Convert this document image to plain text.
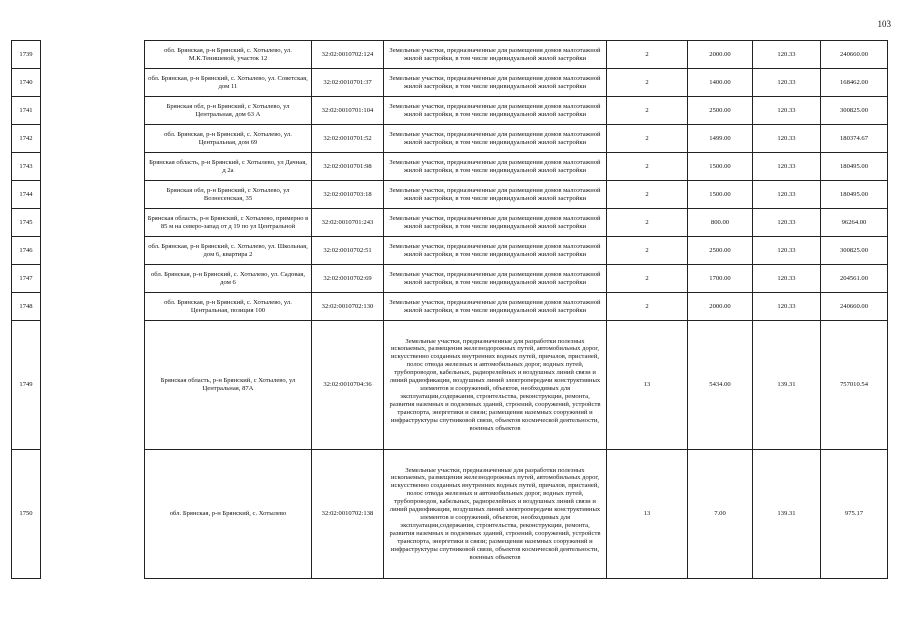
103
1739		обл. Брянская, р-н Брянский, с. Хотылево, ул. М.К.Тенишевой, участок 12	32:02:0010702:124	Земельные участки, предназначенные для размещения домов малоэтажной жилой застройки, в том числе индивидуальной жилой застройки	2	2000.00	120.33	240660.00
1740		обл. Брянская, р-н Брянский, с. Хотылево, ул. Советская, дом 11	32:02:0010701:37	Земельные участки, предназначенные для размещения домов малоэтажной жилой застройки, в том числе индивидуальной жилой застройки	2	1400.00	120.33	168462.00
1741		Брянская обл, р-н Брянский, с Хотылево, ул Центральная, дом 63 А	32:02:0010701:104	Земельные участки, предназначенные для размещения домов малоэтажной жилой застройки, в том числе индивидуальной жилой застройки	2	2500.00	120.33	300825.00
1742		обл. Брянская, р-н Брянский, с. Хотылево, ул. Центральная, дом 69	32:02:0010701:52	Земельные участки, предназначенные для размещения домов малоэтажной жилой застройки, в том числе индивидуальной жилой застройки	2	1499.00	120.33	180374.67
1743		Брянская область, р-н Брянский, с Хотылево, ул Дачная, д 2а	32:02:0010701:98	Земельные участки, предназначенные для размещения домов малоэтажной жилой застройки, в том числе индивидуальной жилой застройки	2	1500.00	120.33	180495.00
1744		Брянская обл, р-н Брянский, с Хотылево, ул Вознесенская, 35	32:02:0010703:18	Земельные участки, предназначенные для размещения домов малоэтажной жилой застройки, в том числе индивидуальной жилой застройки	2	1500.00	120.33	180495.00
1745		Брянская область, р-н Брянский, с Хотылево, примерно в 85 м на северо-запад от д 19 по ул Центральной	32:02:0010701:243	Земельные участки, предназначенные для размещения домов малоэтажной жилой застройки, в том числе индивидуальной жилой застройки	2	800.00	120.33	96264.00
1746		обл. Брянская, р-н Брянский, с. Хотылево, ул. Школьная, дом 6, квартира 2	32:02:0010702:51	Земельные участки, предназначенные для размещения домов малоэтажной жилой застройки, в том числе индивидуальной жилой застройки	2	2500.00	120.33	300825.00
1747		обл. Брянская, р-н Брянский, с. Хотылево, ул. Садовая, дом 6	32:02:0010702:69	Земельные участки, предназначенные для размещения домов малоэтажной жилой застройки, в том числе индивидуальной жилой застройки	2	1700.00	120.33	204561.00
1748		обл. Брянская, р-н Брянский, с. Хотылево, ул. Центральная, позиция 100	32:02:0010702:130	Земельные участки, предназначенные для размещения домов малоэтажной жилой застройки, в том числе индивидуальной жилой застройки	2	2000.00	120.33	240660.00
1749		Брянская область, р-н Брянский, с Хотылево, ул Центральная, 87А	32:02:0010704:36	Земельные участки, предназначенные для разработки полезных ископаемых, размещения железнодорожных путей, автомобильных дорог, искусственно созданных внутренних водных путей, причалов, пристаней, полос отвода железных и автомобильных дорог, водных путей, трубопроводов, кабельных, радиорелейных и воздушных линий связи и линий радиофикации, воздушных линий электропередачи конструктивных элементов и сооружений, объектов, необходимых для эксплуатации,содержания, строительства, реконструкции, ремонта, развития наземных и подземных зданий, строений, сооружений, устройств транспорта, энергетики и связи; размещения наземных сооружений и инфраструктуры спутниковой связи, объектов космической деятельности, военных объектов	13	5434.00	139.31	757010.54
1750		обл. Брянская, р-н Брянский, с. Хотылево	32:02:0010702:138	Земельные участки, предназначенные для разработки полезных ископаемых, размещения железнодорожных путей, автомобильных дорог, искусственно созданных внутренних водных путей, причалов, пристаней, полос отвода железных и автомобильных дорог, водных путей, трубопроводов, кабельных, радиорелейных и воздушных линий связи и линий радиофикации, воздушных линий электропередачи конструктивных элементов и сооружений, объектов, необходимых для эксплуатации,содержания, строительства, реконструкции, ремонта, развития наземных и подземных зданий, строений, сооружений, устройств транспорта, энергетики и связи; размещения наземных сооружений и инфраструктуры спутниковой связи, объектов космической деятельности, военных объектов	13	7.00	139.31	975.17
